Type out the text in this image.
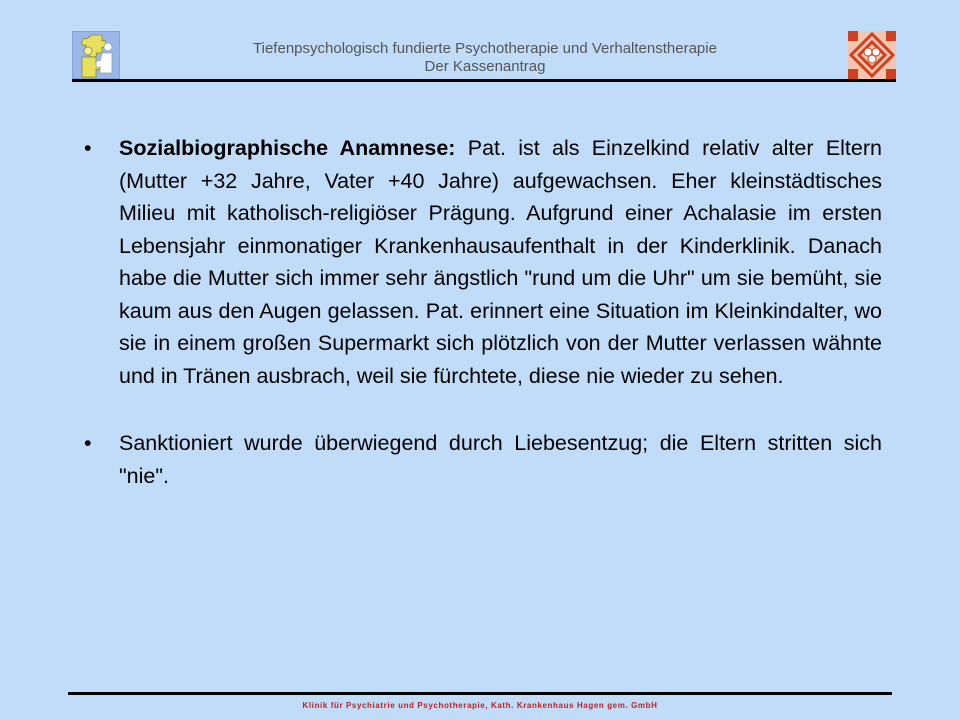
Tiefenpsychologisch fundierte Psychotherapie und Verhaltenstherapie
Der Kassenantrag
•	Sozialbiographische Anamnese: Pat. ist als Einzelkind relativ alter Eltern (Mutter +32 Jahre, Vater +40 Jahre) aufgewachsen. Eher kleinstädtisches Milieu mit katholisch-religiöser Prägung. Aufgrund einer Achalasie im ersten Lebensjahr einmonatiger Krankenhausaufenthalt in der Kinderklinik. Danach habe die Mutter sich immer sehr ängstlich "rund um die Uhr" um sie bemüht, sie kaum aus den Augen gelassen. Pat. erinnert eine Situation im Kleinkindalter, wo sie in einem großen Supermarkt sich plötzlich von der Mutter verlassen wähnte und in Tränen ausbrach, weil sie fürchtete, diese nie wieder zu sehen.
•	Sanktioniert wurde überwiegend durch Liebesentzug; die Eltern stritten sich "nie".
Klinik für Psychiatrie und Psychotherapie, Kath. Krankenhaus Hagen gem. GmbH
